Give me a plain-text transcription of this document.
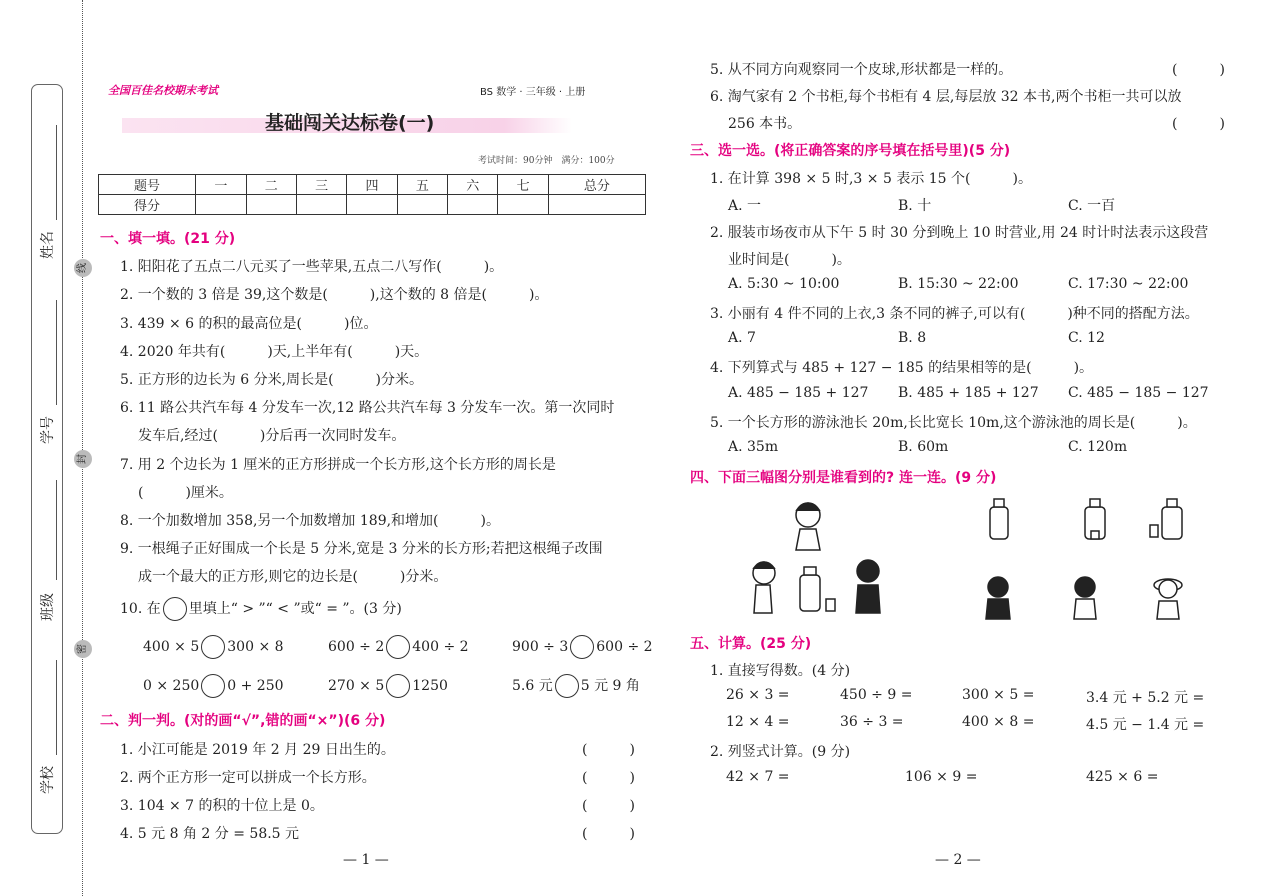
姓名
学号
班级
学校
线
封
密
全国百佳名校期末考试	BS 数学 · 三年级 · 上册
基础闯关达标卷(一)
考试时间：90分钟　满分：100分
题号	一	二	三	四	五	六	七	总分
得分								
一、填一填。(21 分)
1. 阳阳花了五点二八元买了一些苹果,五点二八写作(　　　)。
2. 一个数的 3 倍是 39,这个数是(　　　),这个数的 8 倍是(　　　)。
3. 439 × 6 的积的最高位是(　　　)位。
4. 2020 年共有(　　　)天,上半年有(　　　)天。
5. 正方形的边长为 6 分米,周长是(　　　)分米。
6. 11 路公共汽车每 4 分发车一次,12 路公共汽车每 3 分发车一次。第一次同时
发车后,经过(　　　)分后再一次同时发车。
7. 用 2 个边长为 1 厘米的正方形拼成一个长方形,这个长方形的周长是
(　　　)厘米。
8. 一个加数增加 358,另一个加数增加 189,和增加(　　　)。
9. 一根绳子正好围成一个长是 5 分米,宽是 3 分米的长方形;若把这根绳子改围
成一个最大的正方形,则它的边长是(　　　)分米。
10. 在 里填上“ > ”“ < ”或“ = ”。(3 分)
400 × 5 300 × 8	600 ÷ 2 400 ÷ 2	900 ÷ 3 600 ÷ 2
0 × 250 0 + 250	270 × 5 1250	5.6 元 5 元 9 角
二、判一判。(对的画“√”,错的画“×”)(6 分)
1. 小江可能是 2019 年 2 月 29 日出生的。	(　　　)
2. 两个正方形一定可以拼成一个长方形。	(　　　)
3. 104 × 7 的积的十位上是 0。	(　　　)
4. 5 元 8 角 2 分 = 58.5 元	(　　　)
— 1 —
5. 从不同方向观察同一个皮球,形状都是一样的。	(　　　)
6. 淘气家有 2 个书柜,每个书柜有 4 层,每层放 32 本书,两个书柜一共可以放
256 本书。	(　　　)
三、选一选。(将正确答案的序号填在括号里)(5 分)
1. 在计算 398 × 5 时,3 × 5 表示 15 个(　　　)。
A. 一	B. 十	C. 一百
2. 服装市场夜市从下午 5 时 30 分到晚上 10 时营业,用 24 时计时法表示这段营
业时间是(　　　)。
A. 5:30 ~ 10:00	B. 15:30 ~ 22:00	C. 17:30 ~ 22:00
3. 小丽有 4 件不同的上衣,3 条不同的裤子,可以有(　　　)种不同的搭配方法。
A. 7	B. 8	C. 12
4. 下列算式与 485 + 127 − 185 的结果相等的是(　　　)。
A. 485 − 185 + 127 B. 485 + 185 + 127 C. 485 − 185 − 127
5. 一个长方形的游泳池长 20m,长比宽长 10m,这个游泳池的周长是(　　　)。
A. 35m	B. 60m	C. 120m
四、下面三幅图分别是谁看到的? 连一连。(9 分)
五、计算。(25 分)
1. 直接写得数。(4 分)
26 × 3 =	450 ÷ 9 =	300 × 5 =	3.4 元 + 5.2 元 =
12 × 4 =	36 ÷ 3 =	400 × 8 =	4.5 元 − 1.4 元 =
2. 列竖式计算。(9 分)
42 × 7 =	106 × 9 =	425 × 6 =
— 2 —
